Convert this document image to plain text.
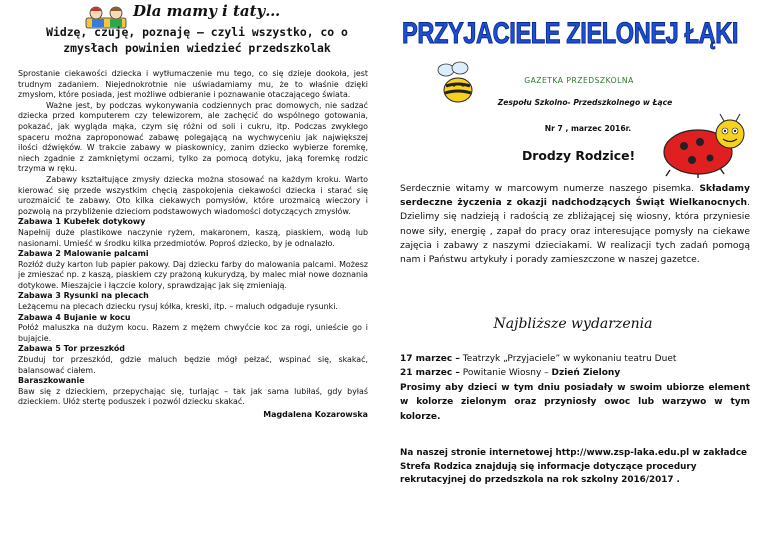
Dla mamy i taty…
Widzę, czuję, poznaję – czyli wszystko, co o zmysłach powinien wiedzieć przedszkolak

Sprostanie ciekawości dziecka i wytłumaczenie mu tego, co się dzieje dookoła, jest trudnym zadaniem. Niejednokrotnie nie uświadamiamy mu, że to właśnie dzięki zmysłom, które posiada, jest możliwe odbieranie i poznawanie otaczającego świata.

Ważne jest, by podczas wykonywania codziennych prac domowych, nie sadzać dziecka przed komputerem czy telewizorem, ale zachęcić do wspólnego gotowania, pokazać, jak wygląda mąka, czym się różni od soli i cukru, itp. Podczas zwykłego spaceru można zaproponować zabawę polegającą na wychwyceniu jak największej ilości dźwięków. W trakcie zabawy w piaskownicy, zanim dziecko wybierze foremkę, niech zgadnie z zamkniętymi oczami, tylko za pomocą dotyku, jaką foremkę rodzic trzyma w ręku.

Zabawy kształtujące zmysły dziecka można stosować na każdym kroku. Warto kierować się przede wszystkim chęcią zaspokojenia ciekawości dziecka i starać się urozmaicić te zabawy. Oto kilka ciekawych pomysłów, które urozmaicą wieczory i pozwolą na przybliżenie dzieciom podstawowych wiadomości dotyczących zmysłów.

Zabawa 1 Kubełek dotykowy

Napełnij duże plastikowe naczynie ryżem, makaronem, kaszą, piaskiem, wodą lub nasionami. Umieść w środku kilka przedmiotów. Poproś dziecko, by je odnalazło.

Zabawa 2 Malowanie palcami

Rozłóż duży karton lub papier pakowy. Daj dziecku farby do malowania palcami. Możesz je zmieszać np. z kaszą, piaskiem czy prażoną kukurydzą, by malec miał nowe doznania dotykowe. Mieszajcie i łączcie kolory, sprawdzając jak się zmieniają.

Zabawa 3 Rysunki na plecach

Leżącemu na plecach dziecku rysuj kółka, kreski, itp. – maluch odgaduje rysunki.

Zabawa 4 Bujanie w kocu

Połóż maluszka na dużym kocu. Razem z mężem chwyćcie koc za rogi, unieście go i bujajcie.

Zabawa 5 Tor przeszkód

Zbuduj tor przeszkód, gdzie maluch będzie mógł pełzać, wspinać się, skakać, balansować ciałem.

Baraszkowanie

Baw się z dzieckiem, przepychając się, turlając – tak jak sama lubiłaś, gdy byłaś dzieckiem. Ułóż stertę poduszek i pozwól dziecku skakać.

Magdalena Kozarowska

PRZYJACIELE ZIELONEJ ŁĄKI
GAZETKA PRZEDSZKOLNA
Zespołu Szkolno- Przedszkolnego w Łące
Nr 7 , marzec 2016r.
Drodzy Rodzice!
Serdecznie witamy w marcowym numerze naszego pisemka. Składamy serdeczne życzenia z okazji nadchodzących Świąt Wielkanocnych. Dzielimy się nadzieją i radością ze zbliżającej się wiosny, która przyniesie nowe siły, energię , zapał do pracy oraz interesujące pomysły na ciekawe zajęcia i zabawy z naszymi dzieciakami. W realizacji tych zadań pomogą nam i Państwu artykuły i porady zamieszczone w naszej gazetce.
Najbliższe wydarzenia
17 marzec – Teatrzyk „Przyjaciele” w wykonaniu teatru Duet
21 marzec – Powitanie Wiosny – Dzień Zielony
Prosimy aby dzieci w tym dniu posiadały w swoim ubiorze element w kolorze zielonym oraz przyniosły owoc lub warzywo w tym kolorze.
Na naszej stronie internetowej http://www.zsp-laka.edu.pl w zakładce Strefa Rodzica znajdują się informacje dotyczące procedury rekrutacyjnej do przedszkola na rok szkolny 2016/2017 .
